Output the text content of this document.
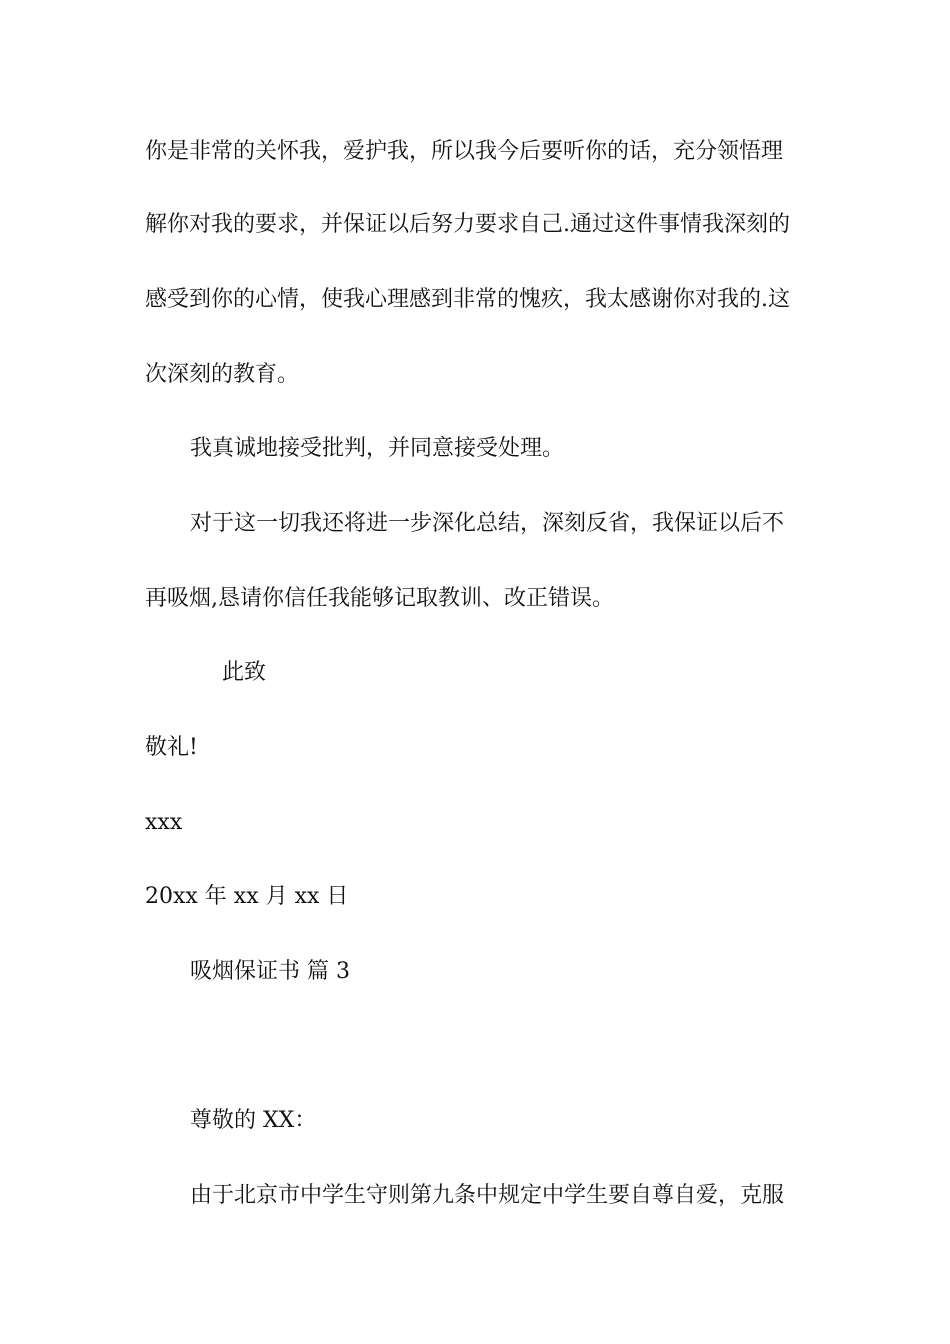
你是非常的关怀我，爱护我，所以我今后要听你的话，充分领悟理
解你对我的要求，并保证以后努力要求自己.通过这件事情我深刻的
感受到你的心情，使我心理感到非常的愧疚，我太感谢你对我的.这
次深刻的教育。
我真诚地接受批判，并同意接受处理。
对于这一切我还将进一步深化总结，深刻反省，我保证以后不
再吸烟,恳请你信任我能够记取教训、改正错误。
此致
敬礼!
xxx
20xx 年 xx 月 xx 日
吸烟保证书 篇 3
尊敬的 XX：
由于北京市中学生守则第九条中规定中学生要自尊自爱，克服
